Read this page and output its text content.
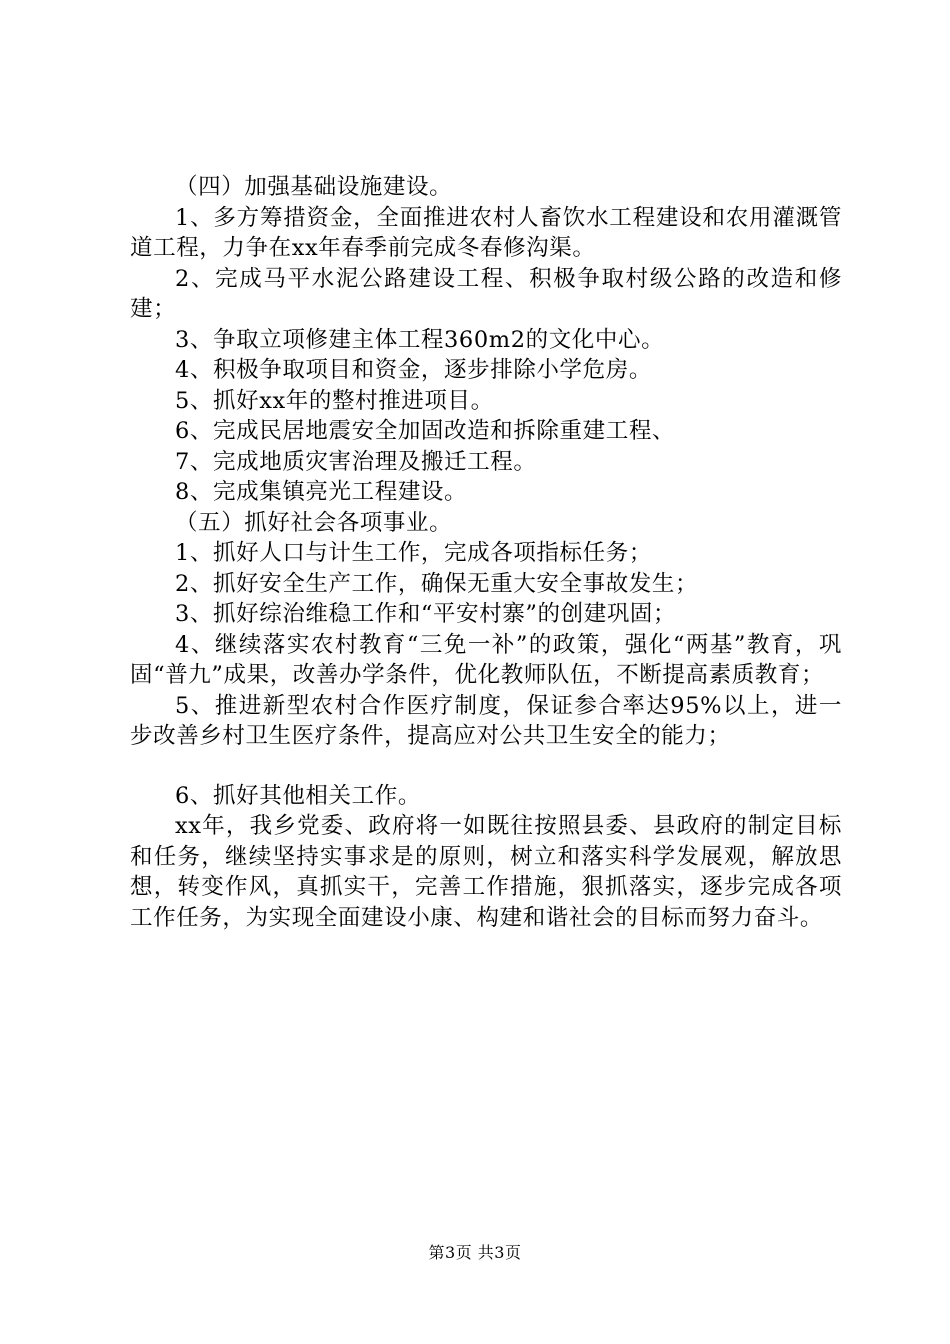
（四）加强基础设施建设。

1、多方筹措资金，全面推进农村人畜饮水工程建设和农用灌溉管道工程，力争在xx年春季前完成冬春修沟渠。

2、完成马平水泥公路建设工程、积极争取村级公路的改造和修建；

3、争取立项修建主体工程360m2的文化中心。

4、积极争取项目和资金，逐步排除小学危房。

5、抓好xx年的整村推进项目。

6、完成民居地震安全加固改造和拆除重建工程、

7、完成地质灾害治理及搬迁工程。

8、完成集镇亮光工程建设。

（五）抓好社会各项事业。

1、抓好人口与计生工作，完成各项指标任务；

2、抓好安全生产工作，确保无重大安全事故发生；

3、抓好综治维稳工作和“平安村寨”的创建巩固；

4、继续落实农村教育“三免一补”的政策，强化“两基”教育，巩固“普九”成果，改善办学条件，优化教师队伍，不断提高素质教育；

5、推进新型农村合作医疗制度，保证参合率达95%以上，进一步改善乡村卫生医疗条件，提高应对公共卫生安全的能力；

6、抓好其他相关工作。

xx年，我乡党委、政府将一如既往按照县委、县政府的制定目标和任务，继续坚持实事求是的原则，树立和落实科学发展观，解放思想，转变作风，真抓实干，完善工作措施，狠抓落实，逐步完成各项工作任务，为实现全面建设小康、构建和谐社会的目标而努力奋斗。

第3页 共3页
